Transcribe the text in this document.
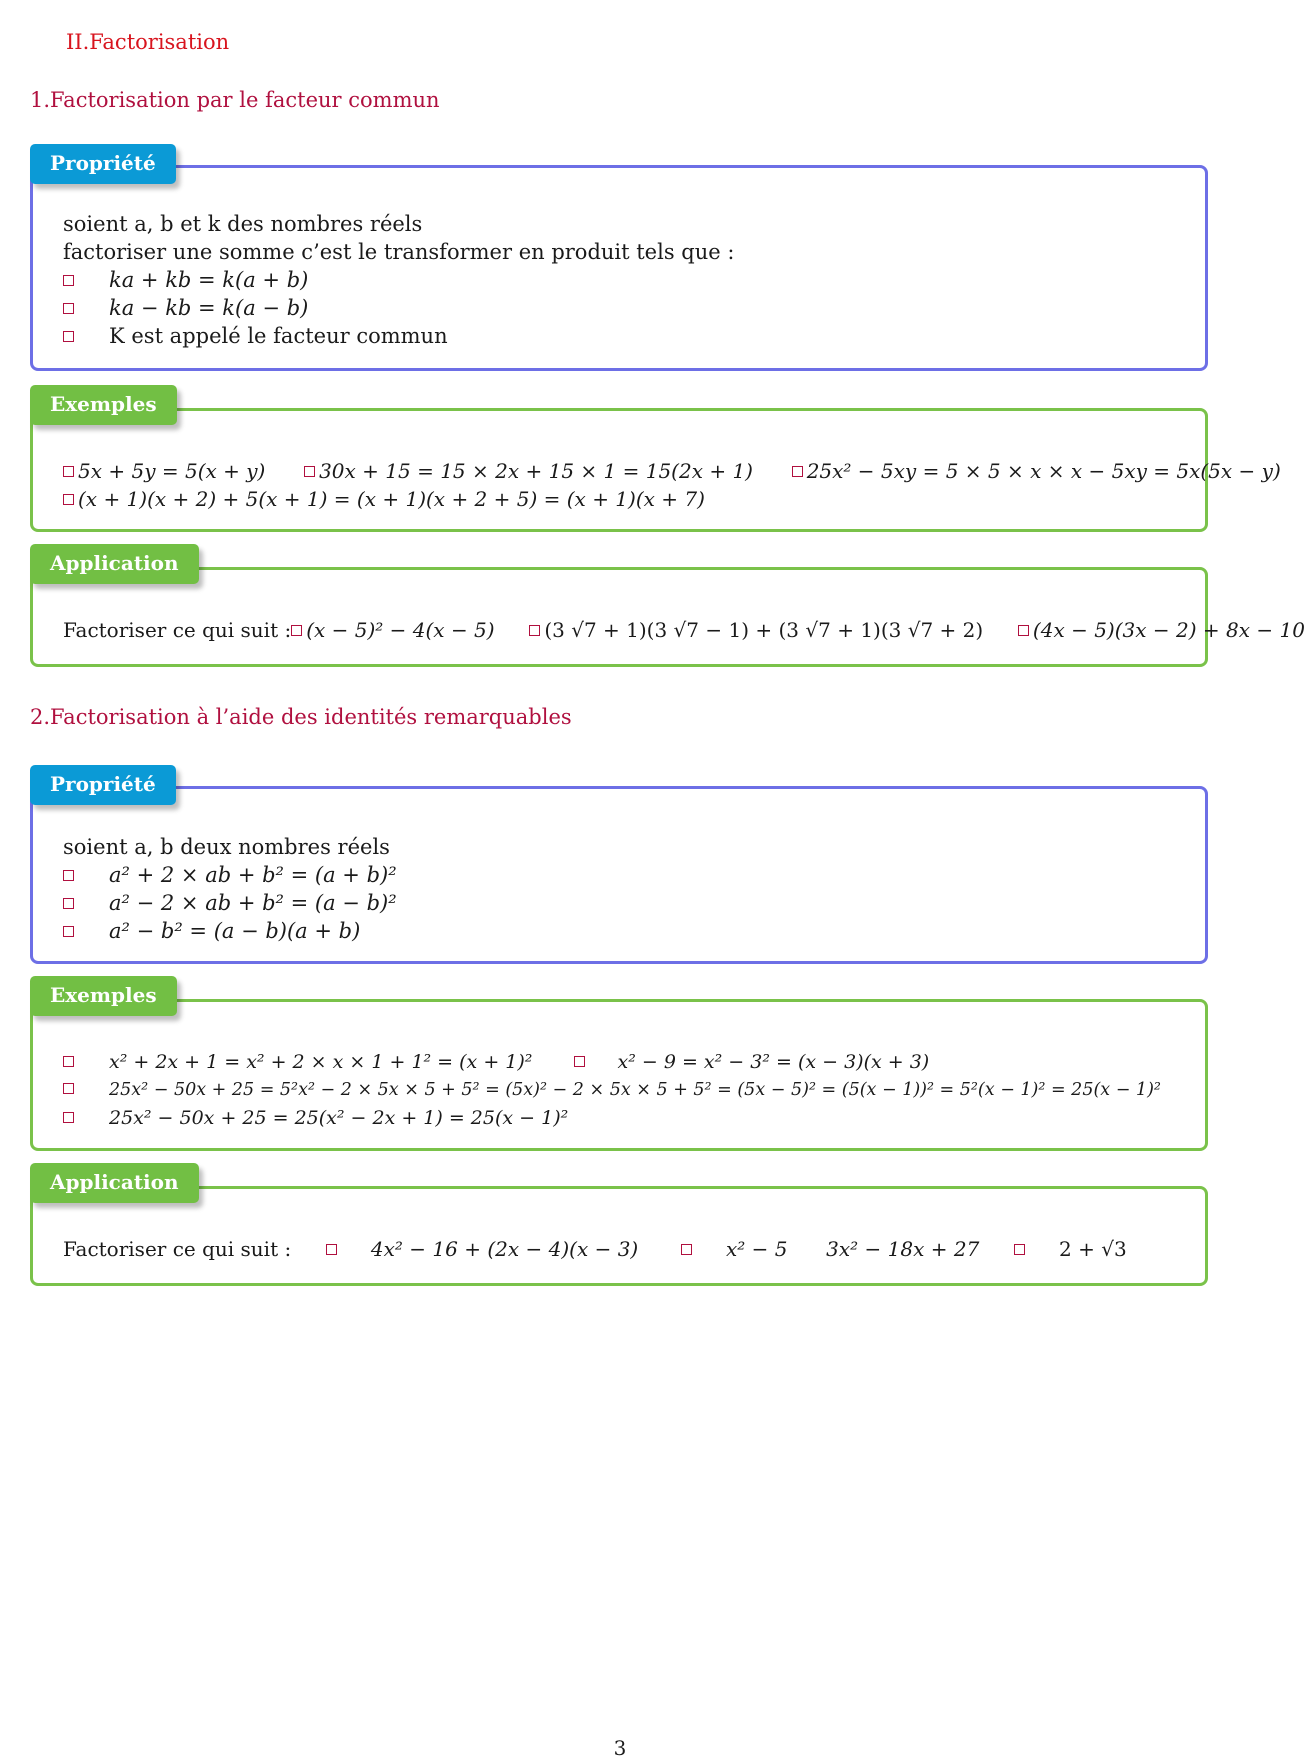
II.Factorisation
1.Factorisation par le facteur commun
soient a, b et k des nombres réels
factoriser une somme c’est le transformer en produit tels que :
ka + kb = k(a + b)
ka − kb = k(a − b)
K est appelé le facteur commun
Propriété
5x + 5y = 5(x + y)	30x + 15 = 15 × 2x + 15 × 1 = 15(2x + 1)	25x² − 5xy = 5 × 5 × x × x − 5xy = 5x(5x − y)
(x + 1)(x + 2) + 5(x + 1) = (x + 1)(x + 2 + 5) = (x + 1)(x + 7)
Exemples
Factoriser ce qui suit : (x − 5)² − 4(x − 5) (3 √7 + 1)(3 √7 − 1) + (3 √7 + 1)(3 √7 + 2) (4x − 5)(3x − 2) + 8x − 10
Application
2.Factorisation à l’aide des identités remarquables
soient a, b deux nombres réels
a² + 2 × ab + b² = (a + b)²
a² − 2 × ab + b² = (a − b)²
a² − b² = (a − b)(a + b)
Propriété
x² + 2x + 1 = x² + 2 × x × 1 + 1² = (x + 1)²	x² − 9 = x² − 3² = (x − 3)(x + 3)
25x² − 50x + 25 = 5²x² − 2 × 5x × 5 + 5² = (5x)² − 2 × 5x × 5 + 5² = (5x − 5)² = (5(x − 1))² = 5²(x − 1)² = 25(x − 1)²
25x² − 50x + 25 = 25(x² − 2x + 1) = 25(x − 1)²
Exemples
Factoriser ce qui suit :	4x² − 16 + (2x − 4)(x − 3)	x² − 5 3x² − 18x + 27	2 + √3
Application
3
